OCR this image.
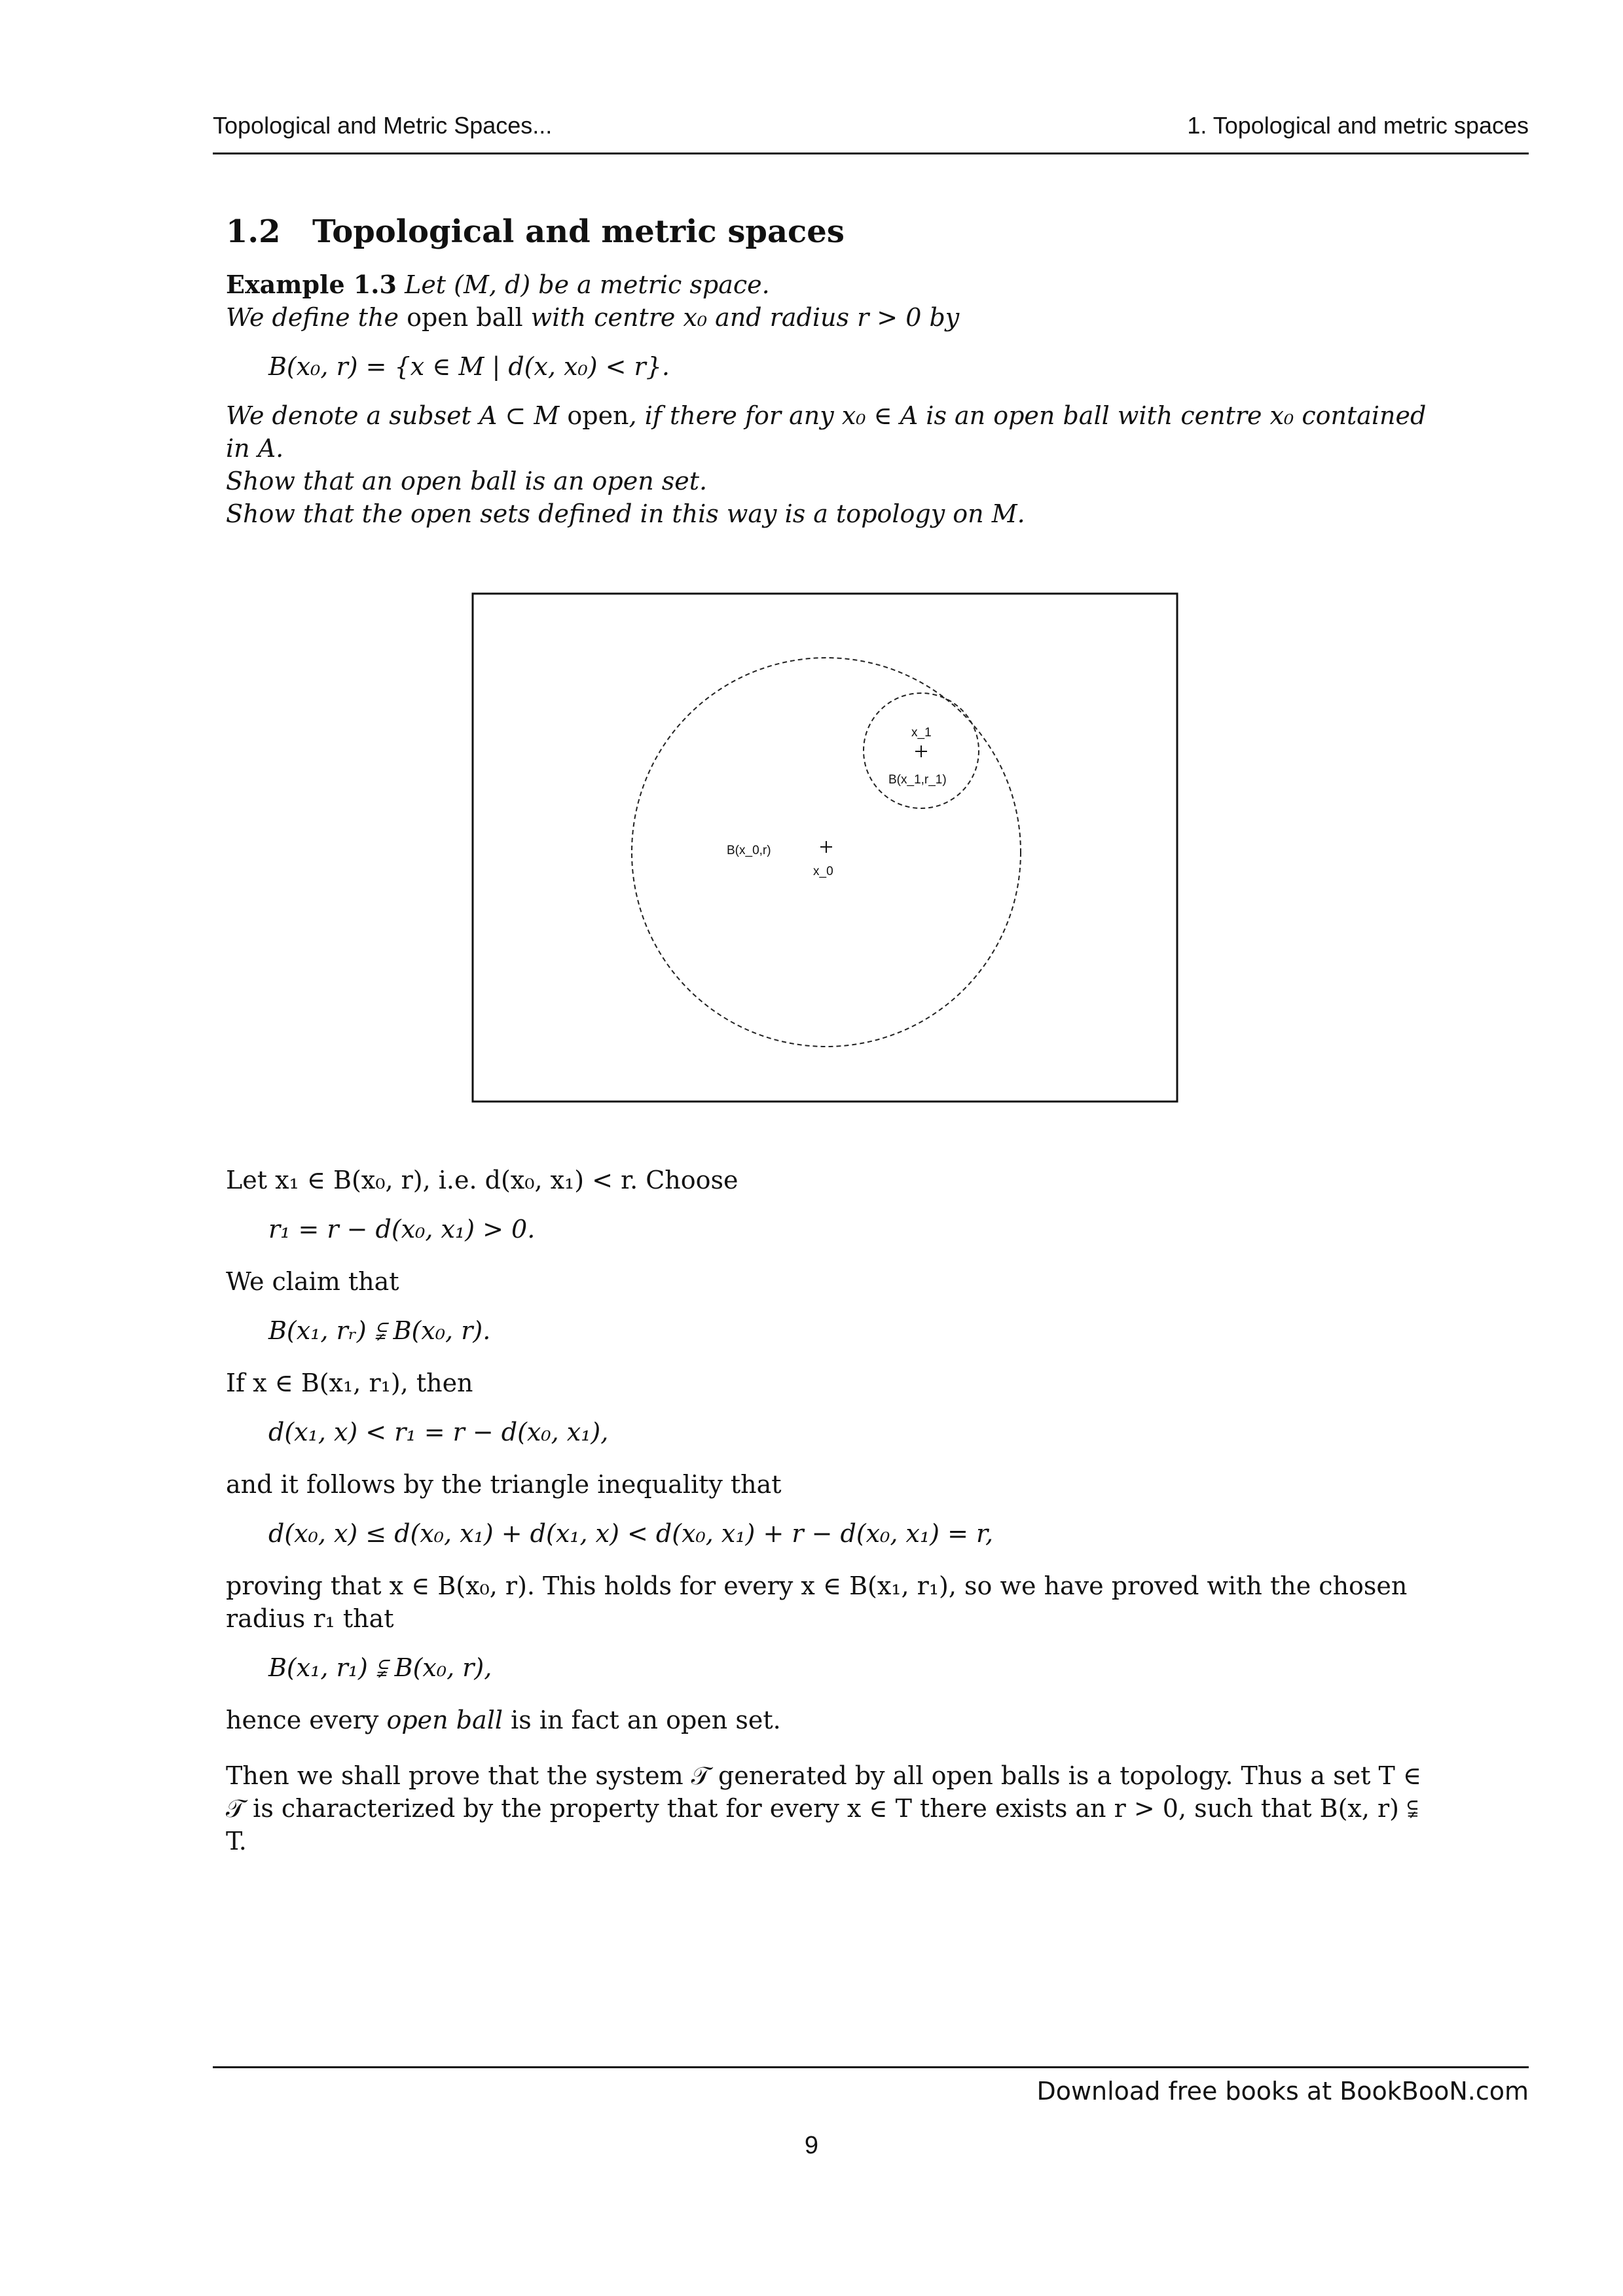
Topological and Metric Spaces...	1. Topological and metric spaces
1.2 Topological and metric spaces
Example 1.3 Let (M, d) be a metric space.
We define the open ball with centre x₀ and radius r > 0 by
B(x₀, r) = {x ∈ M | d(x, x₀) < r}.
We denote a subset A ⊂ M open, if there for any x₀ ∈ A is an open ball with centre x₀ contained in A.
Show that an open ball is an open set.
Show that the open sets defined in this way is a topology on M.
B(x_0,r)
x_0
x_1
B(x_1,r_1)
Let x₁ ∈ B(x₀, r), i.e. d(x₀, x₁) < r. Choose
r₁ = r − d(x₀, x₁) > 0.
We claim that
B(x₁, rᵣ) ⫋ B(x₀, r).
If x ∈ B(x₁, r₁), then
d(x₁, x) < r₁ = r − d(x₀, x₁),
and it follows by the triangle inequality that
d(x₀, x) ≤ d(x₀, x₁) + d(x₁, x) < d(x₀, x₁) + r − d(x₀, x₁) = r,
proving that x ∈ B(x₀, r). This holds for every x ∈ B(x₁, r₁), so we have proved with the chosen radius r₁ that
B(x₁, r₁) ⫋ B(x₀, r),
hence every open ball is in fact an open set.
Then we shall prove that the system 𝒯 generated by all open balls is a topology. Thus a set T ∈ 𝒯 is characterized by the property that for every x ∈ T there exists an r > 0, such that B(x, r) ⫋ T.
Download free books at BookBooN.com
9
